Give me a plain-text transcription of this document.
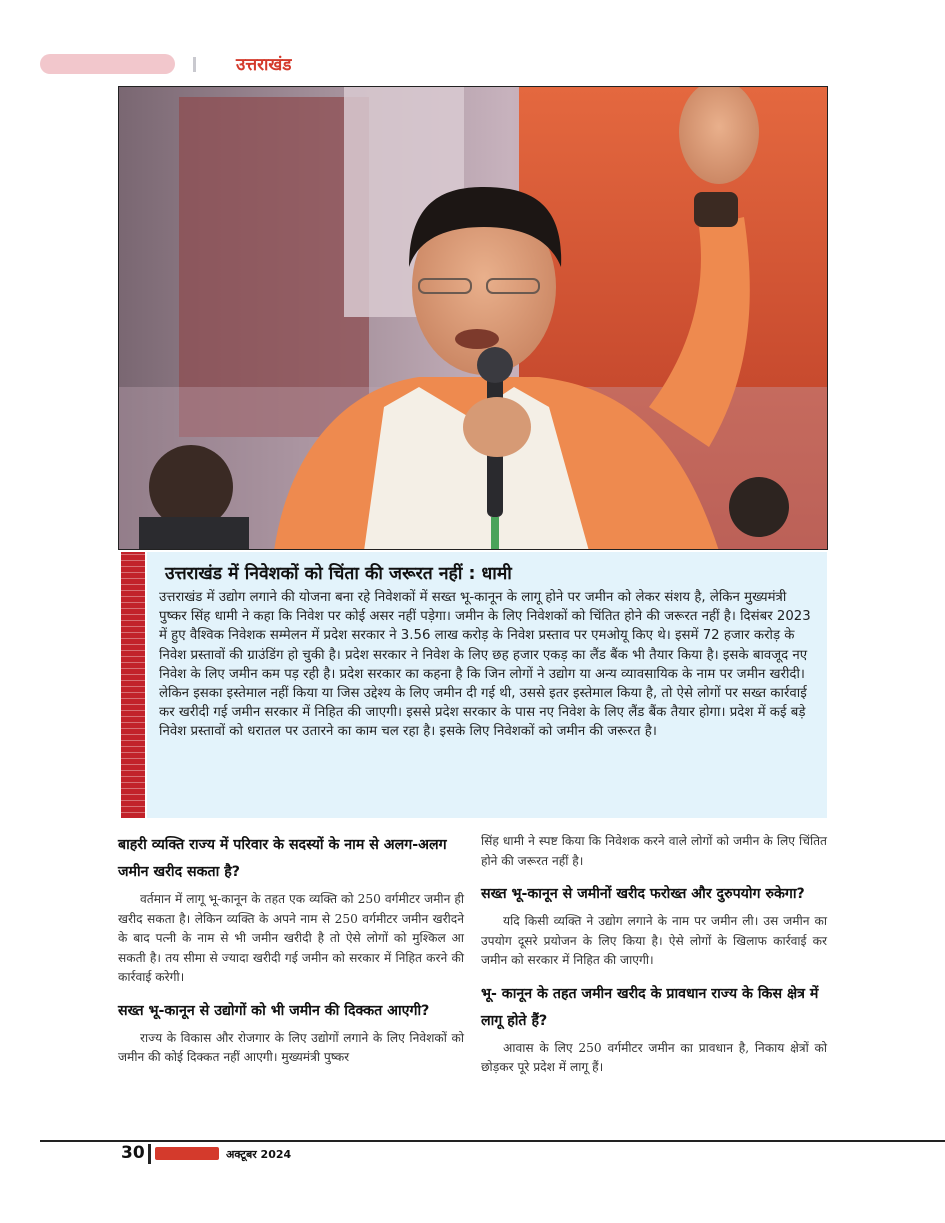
उत्तराखंड
उत्तराखंड में निवेशकों को चिंता की जरूरत नहीं : धामी
उत्तराखंड में उद्योग लगाने की योजना बना रहे निवेशकों में सख्त भू-कानून के लागू होने पर जमीन को लेकर संशय है, लेकिन मुख्यमंत्री पुष्कर सिंह धामी ने कहा कि निवेश पर कोई असर नहीं पड़ेगा। जमीन के लिए निवेशकों को चिंतित होने की जरूरत नहीं है। दिसंबर 2023 में हुए वैश्विक निवेशक सम्मेलन में प्रदेश सरकार ने 3.56 लाख करोड़ के निवेश प्रस्ताव पर एमओयू किए थे। इसमें 72 हजार करोड़ के निवेश प्रस्तावों की ग्राउंडिंग हो चुकी है। प्रदेश सरकार ने निवेश के लिए छह हजार एकड़ का लैंड बैंक भी तैयार किया है। इसके बावजूद नए निवेश के लिए जमीन कम पड़ रही है। प्रदेश सरकार का कहना है कि जिन लोगों ने उद्योग या अन्य व्यावसायिक के नाम पर जमीन खरीदी। लेकिन इसका इस्तेमाल नहीं किया या जिस उद्देश्य के लिए जमीन दी गई थी, उससे इतर इस्तेमाल किया है, तो ऐसे लोगों पर सख्त कार्रवाई कर खरीदी गई जमीन सरकार में निहित की जाएगी। इससे प्रदेश सरकार के पास नए निवेश के लिए लैंड बैंक तैयार होगा। प्रदेश में कई बड़े निवेश प्रस्तावों को धरातल पर उतारने का काम चल रहा है। इसके लिए निवेशकों को जमीन की जरूरत है।
बाहरी व्यक्ति राज्य में परिवार के सदस्यों के नाम से अलग-अलग जमीन खरीद सकता है?
वर्तमान में लागू भू-कानून के तहत एक व्यक्ति को 250 वर्गमीटर जमीन ही खरीद सकता है। लेकिन व्यक्ति के अपने नाम से 250 वर्गमीटर जमीन खरीदने के बाद पत्नी के नाम से भी जमीन खरीदी है तो ऐसे लोगों को मुश्किल आ सकती है। तय सीमा से ज्यादा खरीदी गई जमीन को सरकार में निहित करने की कार्रवाई करेगी।
सख्त भू-कानून से उद्योगों को भी जमीन की दिक्कत आएगी?
राज्य के विकास और रोजगार के लिए उद्योगों लगाने के लिए निवेशकों को जमीन की कोई दिक्कत नहीं आएगी। मुख्यमंत्री पुष्कर
सिंह धामी ने स्पष्ट किया कि निवेशक करने वाले लोगों को जमीन के लिए चिंतित होने की जरूरत नहीं है।
सख्त भू-कानून से जमीनों खरीद फरोख्त और दुरुपयोग रुकेगा?
यदि किसी व्यक्ति ने उद्योग लगाने के नाम पर जमीन ली। उस जमीन का उपयोग दूसरे प्रयोजन के लिए किया है। ऐसे लोगों के खिलाफ कार्रवाई कर जमीन को सरकार में निहित की जाएगी।
भू- कानून के तहत जमीन खरीद के प्रावधान राज्य के किस क्षेत्र में लागू होते हैं?
आवास के लिए 250 वर्गमीटर जमीन का प्रावधान है, निकाय क्षेत्रों को छोड़कर पूरे प्रदेश में लागू हैं।
30	अक्टूबर 2024
